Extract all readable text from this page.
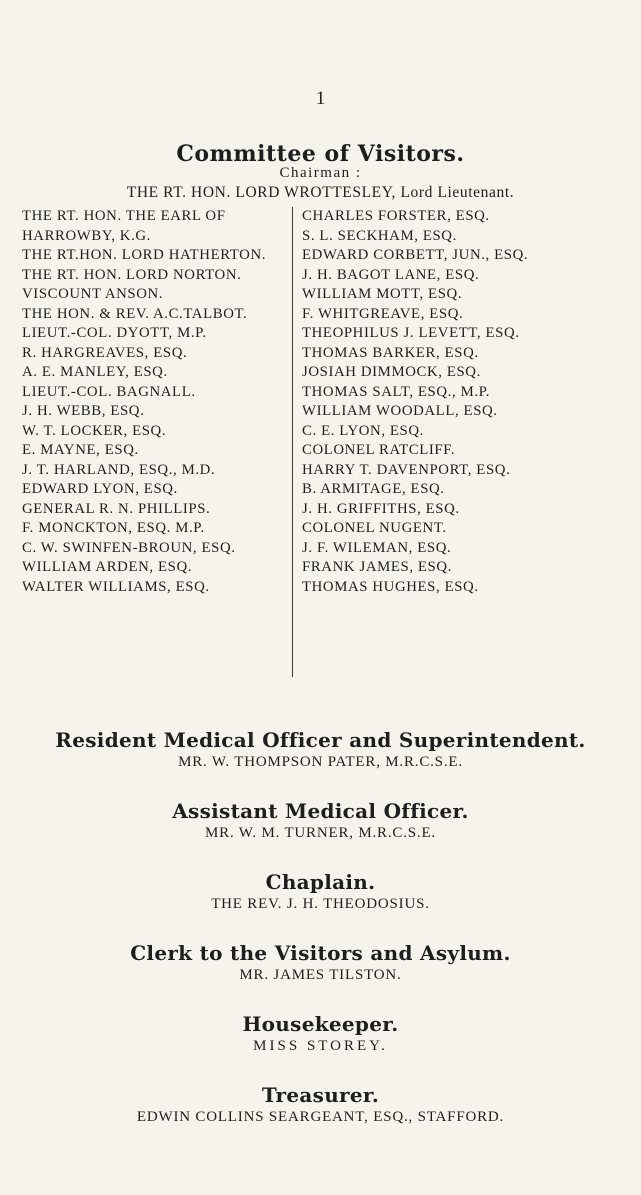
1
Committee of Visitors.
Chairman :
THE RT. HON. LORD WROTTESLEY, Lord Lieutenant.
THE RT. HON. THE EARL OF HARROWBY, K.G.
THE RT.HON. LORD HATHERTON.
THE RT. HON. LORD NORTON.
VISCOUNT ANSON.
THE HON. & REV. A.C.TALBOT.
LIEUT.-COL. DYOTT, M.P.
R. HARGREAVES, ESQ.
A. E. MANLEY, ESQ.
LIEUT.-COL. BAGNALL.
J. H. WEBB, ESQ.
W. T. LOCKER, ESQ.
E. MAYNE, ESQ.
J. T. HARLAND, ESQ., M.D.
EDWARD LYON, ESQ.
GENERAL R. N. PHILLIPS.
F. MONCKTON, ESQ. M.P.
C. W. SWINFEN-BROUN, ESQ.
WILLIAM ARDEN, ESQ.
WALTER WILLIAMS, ESQ.
CHARLES FORSTER, ESQ.
S. L. SECKHAM, ESQ.
EDWARD CORBETT, JUN., ESQ.
J. H. BAGOT LANE, ESQ.
WILLIAM MOTT, ESQ.
F. WHITGREAVE, ESQ.
THEOPHILUS J. LEVETT, ESQ.
THOMAS BARKER, ESQ.
JOSIAH DIMMOCK, ESQ.
THOMAS SALT, ESQ., M.P.
WILLIAM WOODALL, ESQ.
C. E. LYON, ESQ.
COLONEL RATCLIFF.
HARRY T. DAVENPORT, ESQ.
B. ARMITAGE, ESQ.
J. H. GRIFFITHS, ESQ.
COLONEL NUGENT.
J. F. WILEMAN, ESQ.
FRANK JAMES, ESQ.
THOMAS HUGHES, ESQ.
Resident Medical Officer and Superintendent.
MR. W. THOMPSON PATER, M.R.C.S.E.
Assistant Medical Officer.
MR. W. M. TURNER, M.R.C.S.E.
Chaplain.
THE REV. J. H. THEODOSIUS.
Clerk to the Visitors and Asylum.
MR. JAMES TILSTON.
Housekeeper.
MISS STOREY.
Treasurer.
EDWIN COLLINS SEARGEANT, ESQ., STAFFORD.
